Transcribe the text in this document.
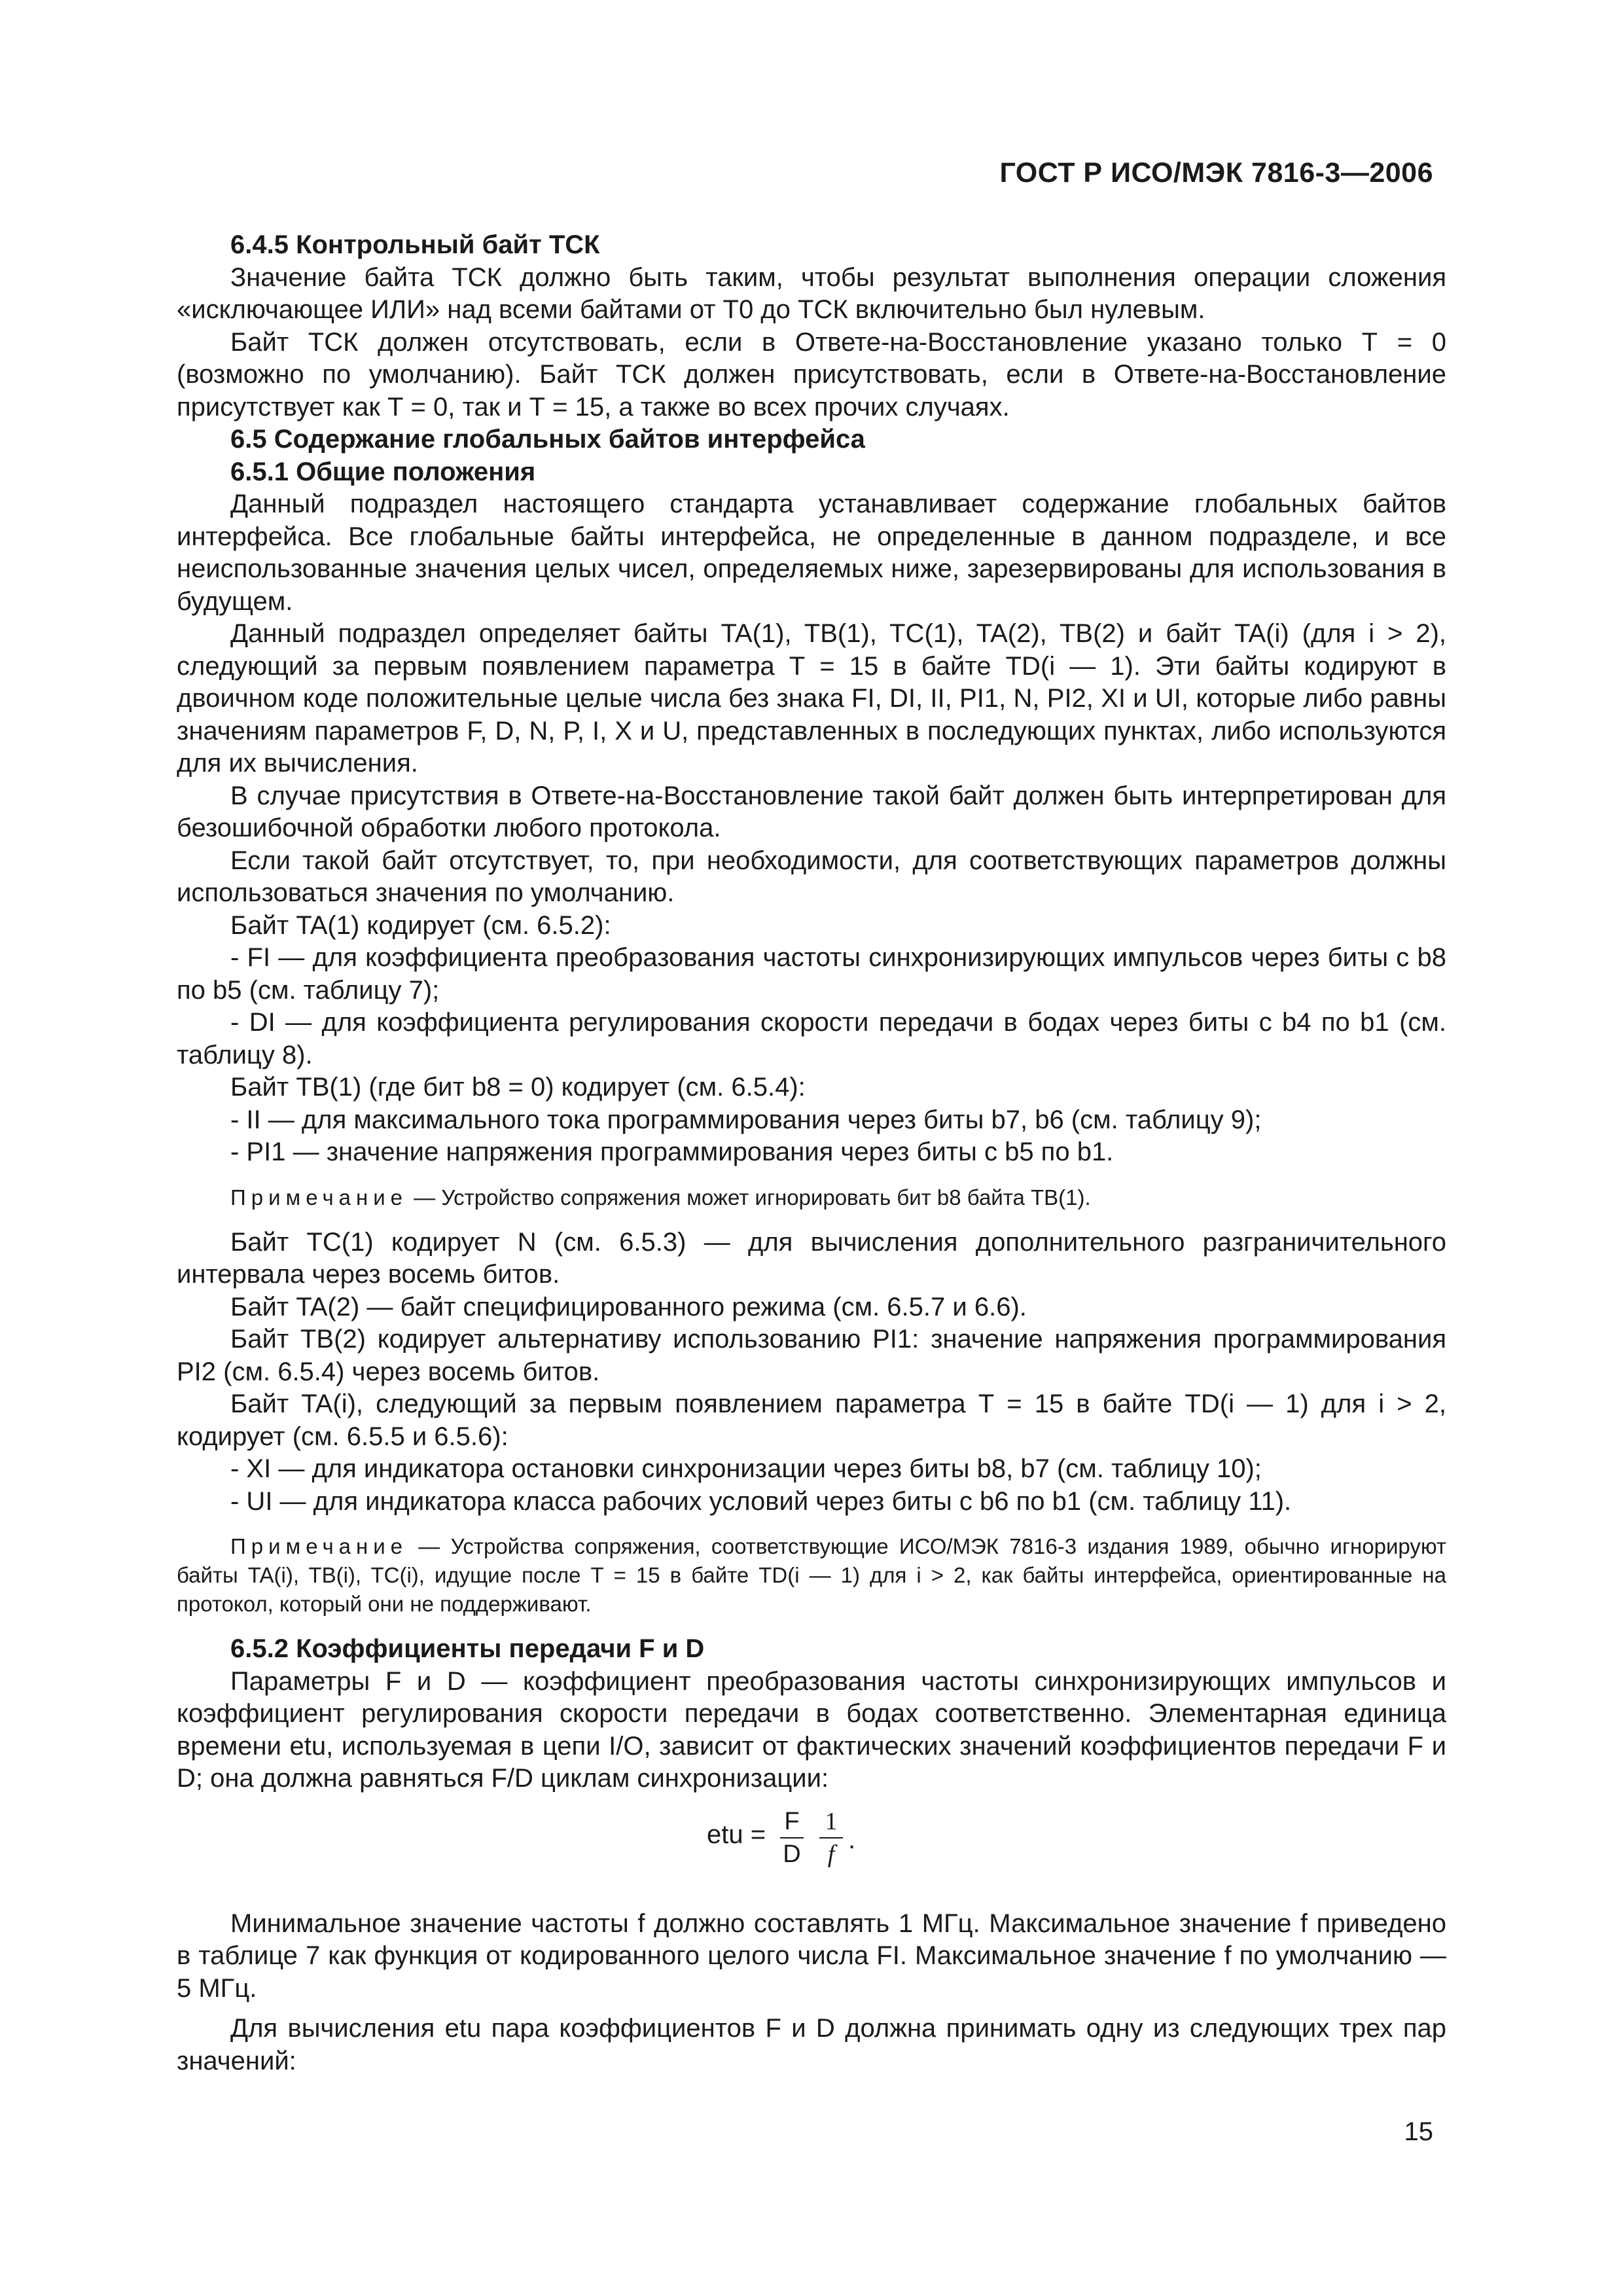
ГОСТ Р ИСО/МЭК 7816-3—2006
6.4.5 Контрольный байт ТСК

Значение байта ТСК должно быть таким, чтобы результат выполнения операции сложения «исключающее ИЛИ» над всеми байтами от Т0 до ТСК включительно был нулевым.

Байт ТСК должен отсутствовать, если в Ответе-на-Восстановление указано только Т = 0 (возможно по умолчанию). Байт ТСК должен присутствовать, если в Ответе-на-Восстановление присутствует как Т = 0, так и Т = 15, а также во всех прочих случаях.

6.5 Содержание глобальных байтов интерфейса
6.5.1 Общие положения

Данный подраздел настоящего стандарта устанавливает содержание глобальных байтов интерфейса. Все глобальные байты интерфейса, не определенные в данном подразделе, и все неиспользованные значения целых чисел, определяемых ниже, зарезервированы для использования в будущем.

Данный подраздел определяет байты TA(1), TB(1), TC(1), TA(2), TB(2) и байт TA(i) (для i > 2), следующий за первым появлением параметра Т = 15 в байте TD(i — 1). Эти байты кодируют в двоичном коде положительные целые числа без знака FI, DI, II, PI1, N, PI2, XI и UI, которые либо равны значениям параметров F, D, N, P, I, X и U, представленных в последующих пунктах, либо используются для их вычисления.

В случае присутствия в Ответе-на-Восстановление такой байт должен быть интерпретирован для безошибочной обработки любого протокола.

Если такой байт отсутствует, то, при необходимости, для соответствующих параметров должны использоваться значения по умолчанию.

Байт TA(1) кодирует (см. 6.5.2):

- FI — для коэффициента преобразования частоты синхронизирующих импульсов через биты с b8 по b5 (см. таблицу 7);

- DI — для коэффициента регулирования скорости передачи в бодах через биты с b4 по b1 (см. таблицу 8).

Байт TB(1) (где бит b8 = 0) кодирует (см. 6.5.4):

- II — для максимального тока программирования через биты b7, b6 (см. таблицу 9);

- PI1 — значение напряжения программирования через биты с b5 по b1.

Примечание — Устройство сопряжения может игнорировать бит b8 байта TB(1).

Байт TC(1) кодирует N (см. 6.5.3) — для вычисления дополнительного разграничительного интервала через восемь битов.

Байт TA(2) — байт специфицированного режима (см. 6.5.7 и 6.6).

Байт TB(2) кодирует альтернативу использованию PI1: значение напряжения программирования PI2 (см. 6.5.4) через восемь битов.

Байт TA(i), следующий за первым появлением параметра Т = 15 в байте TD(i — 1) для i > 2, кодирует (см. 6.5.5 и 6.5.6):

- XI — для индикатора остановки синхронизации через биты b8, b7 (см. таблицу 10);

- UI — для индикатора класса рабочих условий через биты с b6 по b1 (см. таблицу 11).

Примечание — Устройства сопряжения, соответствующие ИСО/МЭК 7816-3 издания 1989, обычно игнорируют байты TA(i), TB(i), TC(i), идущие после Т = 15 в байте TD(i — 1) для i > 2, как байты интерфейса, ориентированные на протокол, который они не поддерживают.

6.5.2 Коэффициенты передачи F и D

Параметры F и D — коэффициент преобразования частоты синхронизирующих импульсов и коэффициент регулирования скорости передачи в бодах соответственно. Элементарная единица времени etu, используемая в цепи I/O, зависит от фактических значений коэффициентов передачи F и D; она должна равняться F/D циклам синхронизации:

etu = F
D
1
f .

Минимальное значение частоты f должно составлять 1 МГц. Максимальное значение f приведено в таблице 7 как функция от кодированного целого числа FI. Максимальное значение f по умолчанию — 5 МГц.

Для вычисления etu пара коэффициентов F и D должна принимать одну из следующих трех пар значений:

15
